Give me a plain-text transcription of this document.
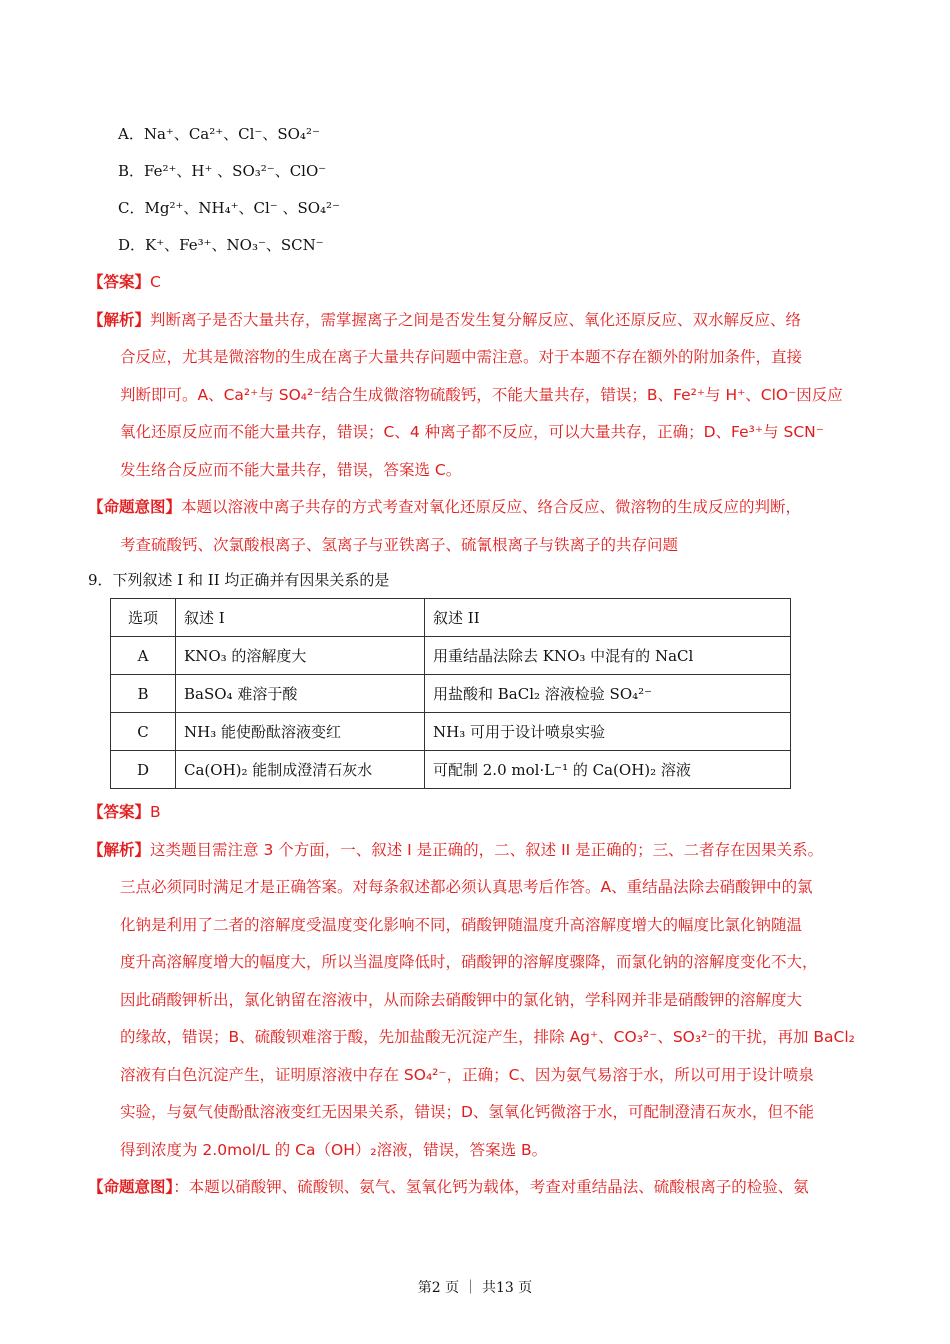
A．Na⁺、Ca²⁺、Cl⁻、SO₄²⁻
B．Fe²⁺、H⁺ 、SO₃²⁻、ClO⁻
C．Mg²⁺、NH₄⁺、Cl⁻ 、SO₄²⁻
D．K⁺、Fe³⁺、NO₃⁻、SCN⁻
【答案】C
【解析】判断离子是否大量共存，需掌握离子之间是否发生复分解反应、氧化还原反应、双水解反应、络
合反应，尤其是微溶物的生成在离子大量共存问题中需注意。对于本题不存在额外的附加条件，直接
判断即可。A、Ca²⁺与 SO₄²⁻结合生成微溶物硫酸钙，不能大量共存，错误；B、Fe²⁺与 H⁺、ClO⁻因反应
氧化还原反应而不能大量共存，错误；C、4 种离子都不反应，可以大量共存，正确；D、Fe³⁺与 SCN⁻
发生络合反应而不能大量共存，错误，答案选 C。
【命题意图】本题以溶液中离子共存的方式考查对氧化还原反应、络合反应、微溶物的生成反应的判断，
考查硫酸钙、次氯酸根离子、氢离子与亚铁离子、硫氰根离子与铁离子的共存问题
9．下列叙述 I 和 II 均正确并有因果关系的是
选项	叙述 I	叙述 II
A	KNO₃ 的溶解度大	用重结晶法除去 KNO₃ 中混有的 NaCl
B	BaSO₄ 难溶于酸	用盐酸和 BaCl₂ 溶液检验 SO₄²⁻
C	NH₃ 能使酚酞溶液变红	NH₃ 可用于设计喷泉实验
D	Ca(OH)₂ 能制成澄清石灰水	可配制 2.0 mol·L⁻¹ 的 Ca(OH)₂ 溶液
【答案】B
【解析】这类题目需注意 3 个方面，一、叙述 I 是正确的，二、叙述 II 是正确的；三、二者存在因果关系。
三点必须同时满足才是正确答案。对每条叙述都必须认真思考后作答。A、重结晶法除去硝酸钾中的氯
化钠是利用了二者的溶解度受温度变化影响不同，硝酸钾随温度升高溶解度增大的幅度比氯化钠随温
度升高溶解度增大的幅度大，所以当温度降低时，硝酸钾的溶解度骤降，而氯化钠的溶解度变化不大，
因此硝酸钾析出，氯化钠留在溶液中，从而除去硝酸钾中的氯化钠，学科网并非是硝酸钾的溶解度大
的缘故，错误；B、硫酸钡难溶于酸，先加盐酸无沉淀产生，排除 Ag⁺、CO₃²⁻、SO₃²⁻的干扰，再加 BaCl₂
溶液有白色沉淀产生，证明原溶液中存在 SO₄²⁻，正确；C、因为氨气易溶于水，所以可用于设计喷泉
实验，与氨气使酚酞溶液变红无因果关系，错误；D、氢氧化钙微溶于水，可配制澄清石灰水，但不能
得到浓度为 2.0mol/L 的 Ca（OH）₂溶液，错误，答案选 B。
【命题意图】：本题以硝酸钾、硫酸钡、氨气、氢氧化钙为载体，考查对重结晶法、硫酸根离子的检验、氨
第2 页 ｜ 共13 页
